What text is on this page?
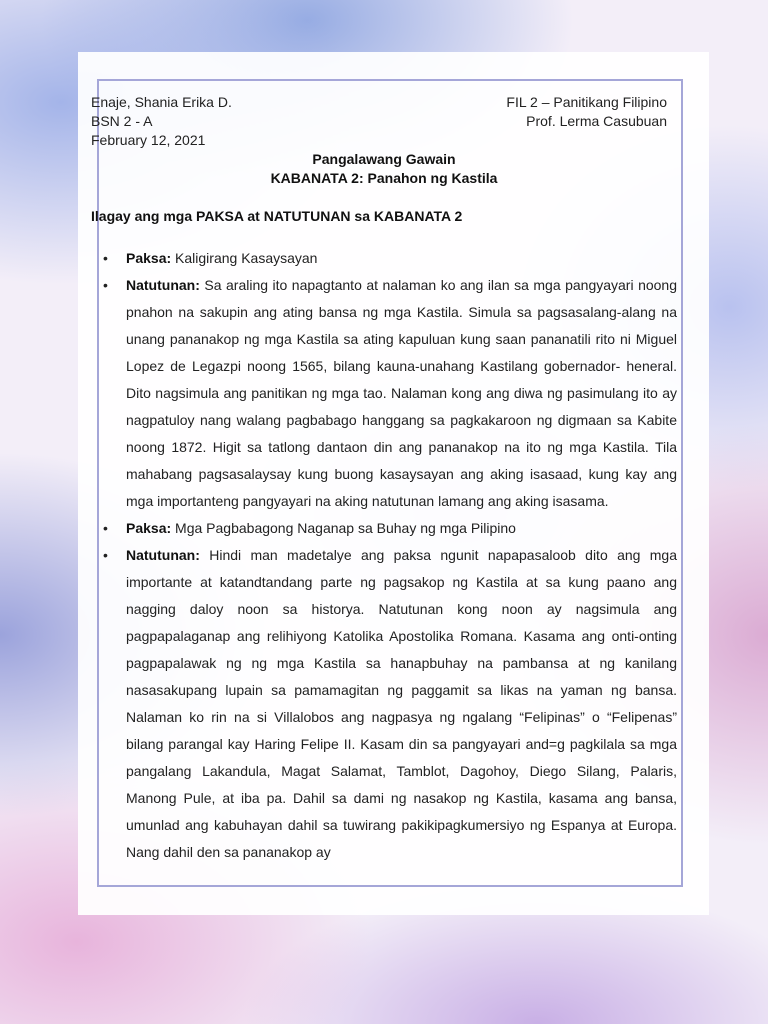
Enaje, Shania Erika D.	FIL 2 – Panitikang Filipino
BSN 2 - A	Prof. Lerma Casubuan
February 12, 2021

Pangalawang Gawain

KABANATA 2: Panahon ng Kastila

Ilagay ang mga PAKSA at NATUTUNAN sa KABANATA 2
• Paksa: Kaligirang Kasaysayan
• Natutunan: Sa araling ito napagtanto at nalaman ko ang ilan sa mga pangyayari noong pnahon na sakupin ang ating bansa ng mga Kastila. Simula sa pagsasalang-alang na unang pananakop ng mga Kastila sa ating kapuluan kung saan pananatili rito ni Miguel Lopez de Legazpi noong 1565, bilang kauna-unahang Kastilang gobernador- heneral. Dito nagsimula ang panitikan ng mga tao. Nalaman kong ang diwa ng pasimulang ito ay nagpatuloy nang walang pagbabago hanggang sa pagkakaroon ng digmaan sa Kabite noong 1872. Higit sa tatlong dantaon din ang pananakop na ito ng mga Kastila. Tila mahabang pagsasalaysay kung buong kasaysayan ang aking isasaad, kung kay ang mga importanteng pangyayari na aking natutunan lamang ang aking isasama.
• Paksa: Mga Pagbabagong Naganap sa Buhay ng mga Pilipino
• Natutunan: Hindi man madetalye ang paksa ngunit napapasaloob dito ang mga importante at katandtandang parte ng pagsakop ng Kastila at sa kung paano ang nagging daloy noon sa historya. Natutunan kong noon ay nagsimula ang pagpapalaganap ang relihiyong Katolika Apostolika Romana. Kasama ang onti-onting pagpapalawak ng ng mga Kastila sa hanapbuhay na pambansa at ng kanilang nasasakupang lupain sa pamamagitan ng paggamit sa likas na yaman ng bansa. Nalaman ko rin na si Villalobos ang nagpasya ng ngalang “Felipinas” o “Felipenas” bilang parangal kay Haring Felipe II. Kasam din sa pangyayari and=g pagkilala sa mga pangalang Lakandula, Magat Salamat, Tamblot, Dagohoy, Diego Silang, Palaris, Manong Pule, at iba pa. Dahil sa dami ng nasakop ng Kastila, kasama ang bansa, umunlad ang kabuhayan dahil sa tuwirang pakikipagkumersiyo ng Espanya at Europa. Nang dahil den sa pananakop ay
